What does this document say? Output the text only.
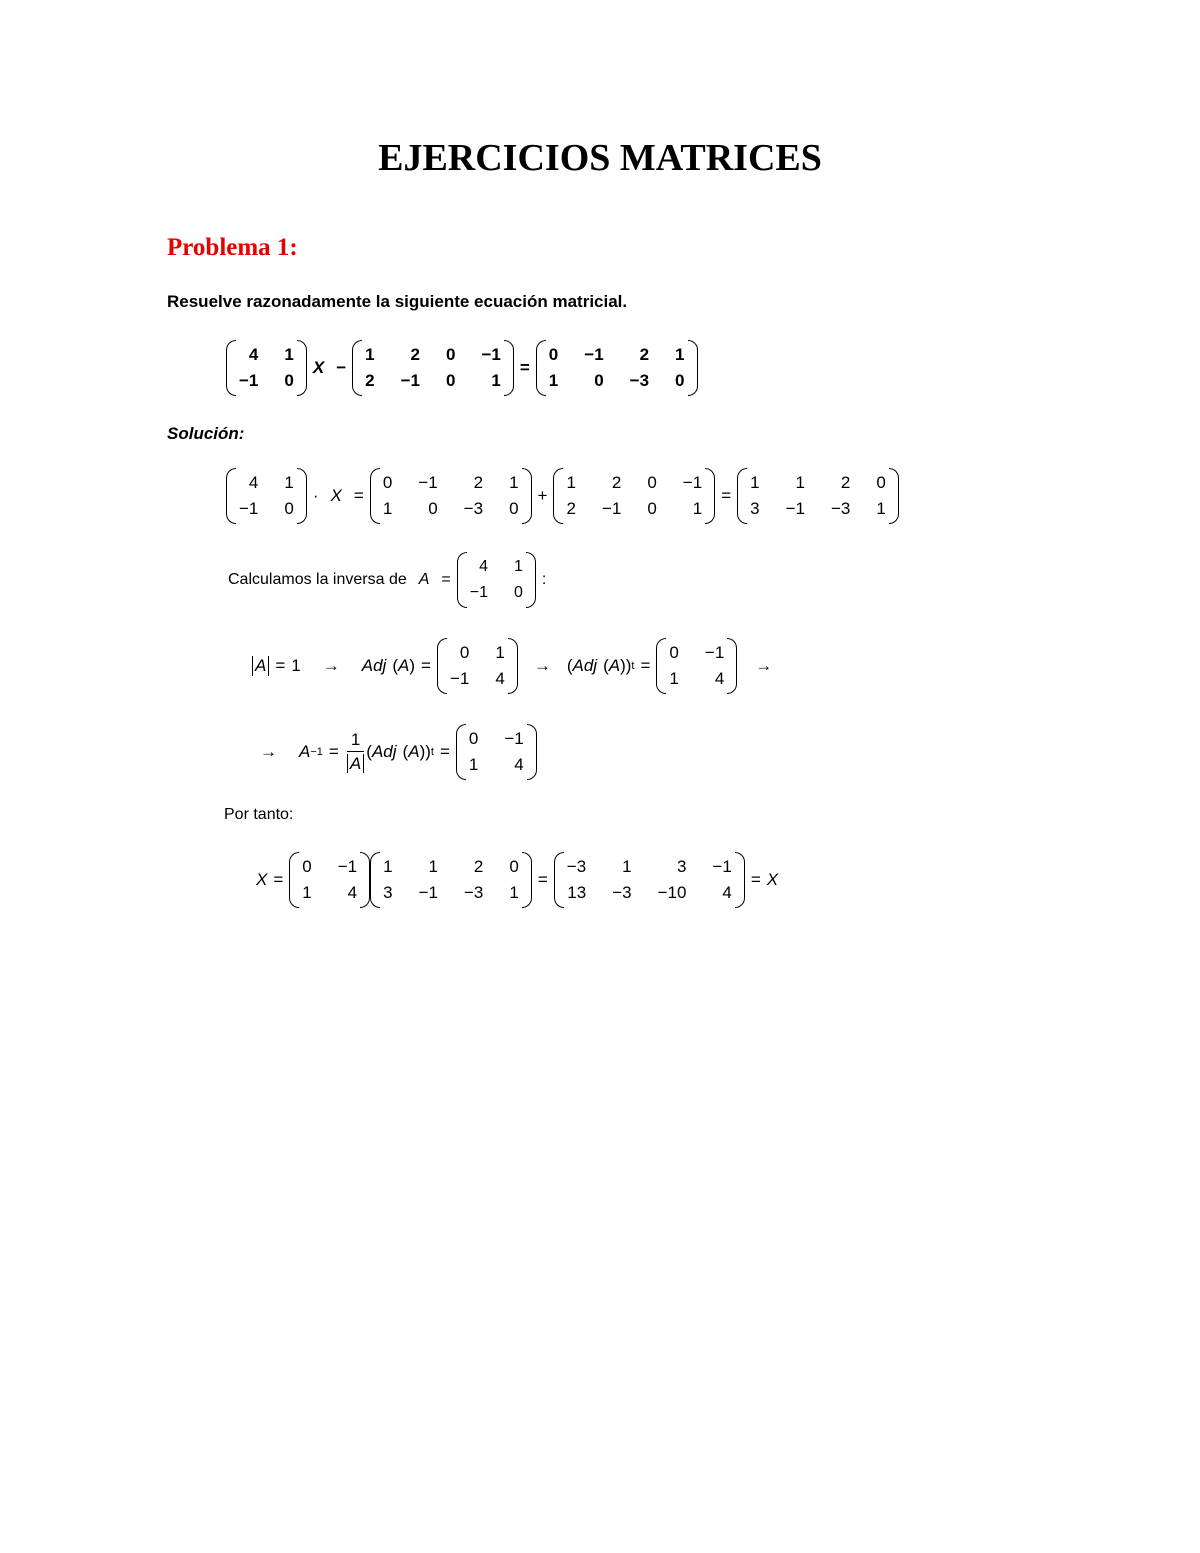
EJERCICIOS MATRICES
Problema 1:
Resuelve razonadamente la siguiente ecuación matricial.
4 1
−1 0
X −
1	2 0 −1
2 −1 0	1
=
0 −1	2 1
1	0 −3 0
Solución:
4 1
−1 0
· X =
0 −1	2 1
1	0 −3 0
+
1	2 0 −1
2 −1 0	1
=
1	1	2 0
3 −1 −3 1
Calculamos la inversa de A =
4 1
−1 0
:
A = 1 → Adj ( A ) =
0 1
−1 4
→ ( Adj ( A ) ) t =
0 −1
1	4
→
→ $A -1 = \frac{1}{A}$ ( Adj ( A ) ) t =
0 −1
1	4
Por tanto:
X =
0 −1
1	4
1	1	2 0
3 −1 −3 1
=
−3	1	3 −1
13 −3 −10	4
= X
